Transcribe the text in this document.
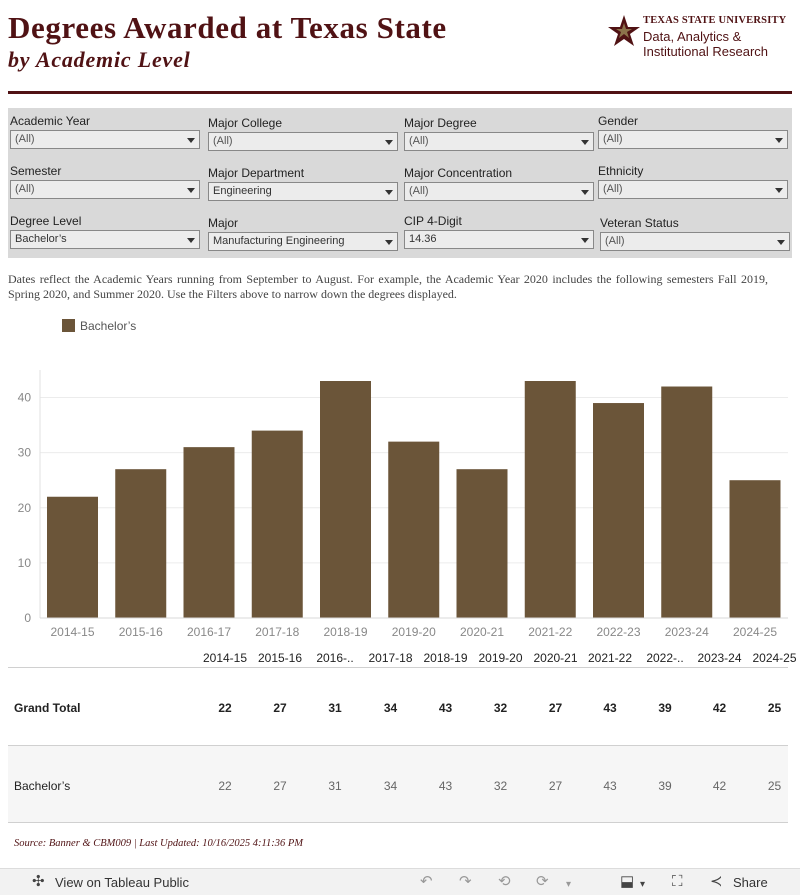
Degrees Awarded at Texas State
by Academic Level
TEXAS STATE UNIVERSITY
Data, Analytics &
Institutional Research
Academic Year
(All)
Major College
(All)
Major Degree
(All)
Gender
(All)
Semester
(All)
Major Department
Engineering
Major Concentration
(All)
Ethnicity
(All)
Degree Level
Bachelor’s
Major
Manufacturing Engineering
CIP 4-Digit
14.36
Veteran Status
(All)
Dates reflect the Academic Years running from September to August. For example, the Academic Year 2020 includes the following semesters Fall 2019, Spring 2020, and Summer 2020. Use the Filters above to narrow down the degrees displayed.
Bachelor’s
0
10
20
30
40
2014-15 2015-16 2016-17 2017-18 2018-19 2019-20 2020-21 2021-22 2022-23 2023-24 2024-25
2014-15 2015-16	2016-..	2017-18 2018-19 2019-20 2020-21 2021-22	2022-..	2023-24 2024-25
Grand Total	22	27	31	34	43	32	27	43	39	42	25
Bachelor’s	22	27	31	34	43	32	27	43	39	42	25
Source: Banner & CBM009 | Last Updated: 10/16/2025 4:11:36 PM
✣ View on Tableau Public	↶ ↷ ⟲ ⟳ ▾	⬓ ▾ ⛶ ≺ Share
